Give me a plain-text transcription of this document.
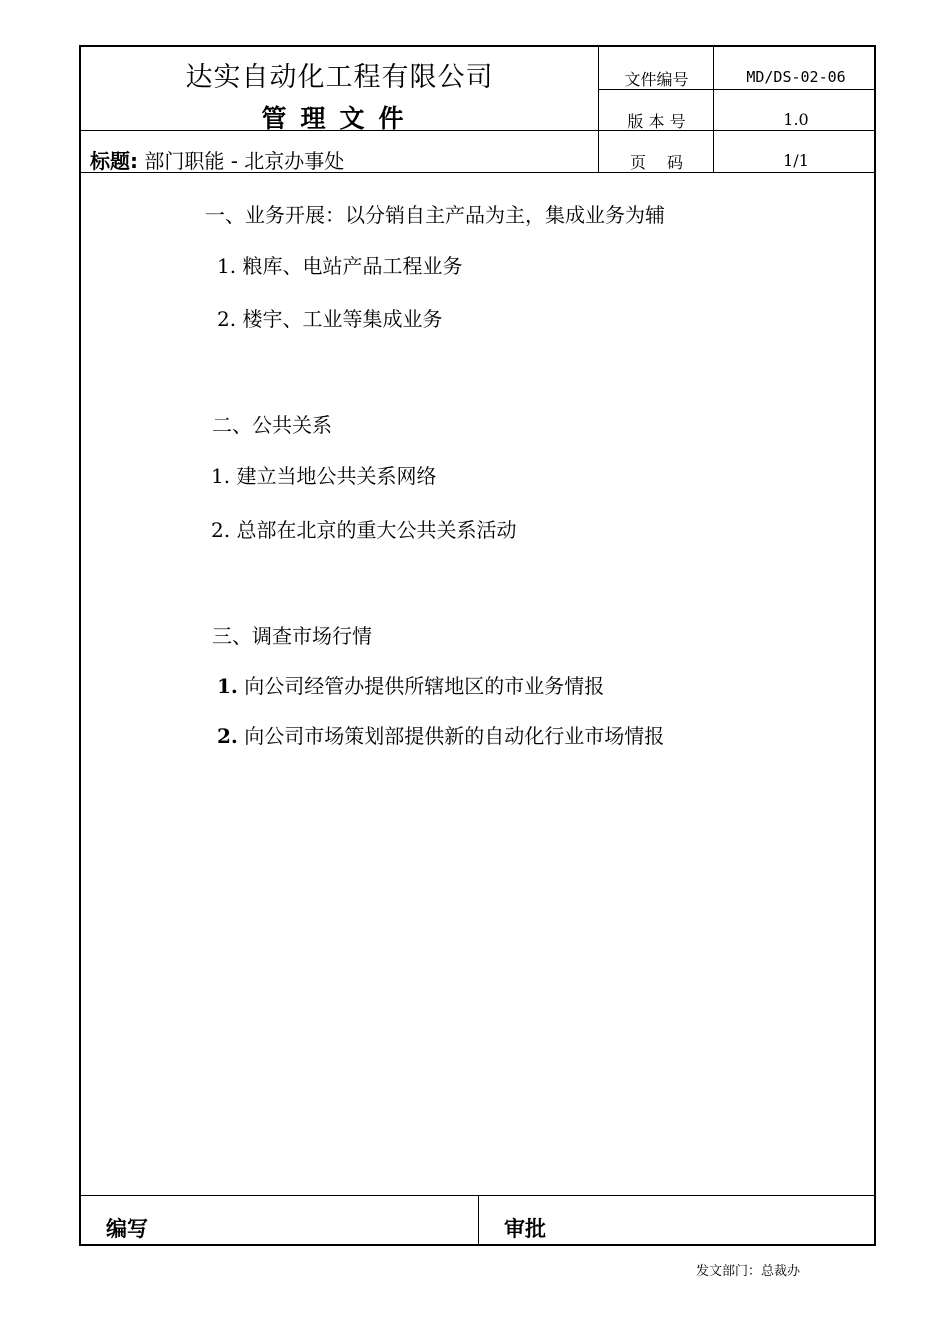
达实自动化工程有限公司
管理文件
标题: 部门职能 - 北京办事处
文件编号	MD/DS-02-06
版 本 号	1.0
页　 码	1/1
一、业务开展：以分销自主产品为主，集成业务为辅
1. 粮库、电站产品工程业务
2. 楼宇、工业等集成业务
二、公共关系
1. 建立当地公共关系网络
2. 总部在北京的重大公共关系活动
三、调查市场行情
1. 向公司经管办提供所辖地区的市业务情报
2. 向公司市场策划部提供新的自动化行业市场情报
编写	审批
发文部门：总裁办
